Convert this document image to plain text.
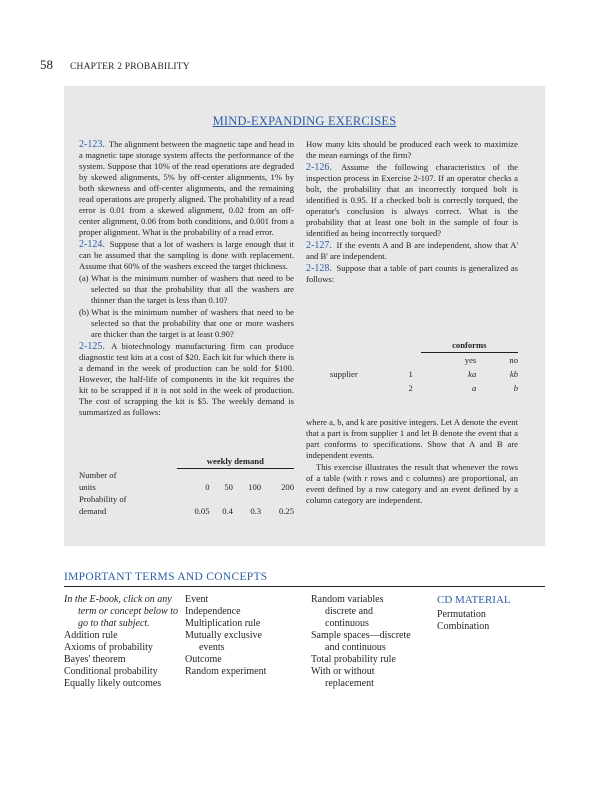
58 CHAPTER 2 PROBABILITY
MIND-EXPANDING EXERCISES

2-123. The alignment between the magnetic tape and head in a magnetic tape storage system affects the performance of the system. Suppose that 10% of the read operations are degraded by skewed alignments, 5% by off-center alignments, 1% by both skewness and off-center alignments, and the remaining read operations are properly aligned. The probability of a read error is 0.01 from a skewed alignment, 0.02 from an off-center alignment, 0.06 from both conditions, and 0.001 from a proper alignment. What is the probability of a read error.

2-124. Suppose that a lot of washers is large enough that it can be assumed that the sampling is done with replacement. Assume that 60% of the washers exceed the target thickness.

(a) What is the minimum number of washers that need to be selected so that the probability that all the washers are thinner than the target is less than 0.10?
(b) What is the minimum number of washers that need to be selected so that the probability that one or more washers are thicker than the target is at least 0.90?

2-125. A biotechnology manufacturing firm can produce diagnostic test kits at a cost of $20. Each kit for which there is a demand in the week of production can be sold for $100. However, the half-life of components in the kit requires the kit to be scrapped if it is not sold in the week of production. The cost of scrapping the kit is $5. The weekly demand is summarized as follows:

	weekly demand			
Number of				
units	0	50	100	200
Probability of				
demand	0.05	0.4	0.3	0.25

How many kits should be produced each week to maximize the mean earnings of the firm?

2-126. Assume the following characteristics of the inspection process in Exercise 2-107. If an operator checks a bolt, the probability that an incorrectly torqued bolt is identified is 0.95. If a checked bolt is correctly torqued, the operator's conclusion is always correct. What is the probability that at least one bolt in the sample of four is identified as being incorrectly torqued?

2-127. If the events A and B are independent, show that A' and B' are independent.

2-128. Suppose that a table of part counts is generalized as follows:

		conforms	
		yes	no
supplier	1	ka	kb
	2	a	b

where a, b, and k are positive integers. Let A denote the event that a part is from supplier 1 and let B denote the event that a part conforms to specifications. Show that A and B are independent events.

This exercise illustrates the result that whenever the rows of a table (with r rows and c columns) are proportional, an event defined by a row category and an event defined by a column category are independent.

IMPORTANT TERMS AND CONCEPTS
In the E-book, click on any
term or concept below to
go to that subject.
Addition rule
Axioms of probability
Bayes' theorem
Conditional probability
Equally likely outcomes
Event
Independence
Multiplication rule
Mutually exclusive
events
Outcome
Random experiment
Random variables
discrete and
continuous
Sample spaces—discrete
and continuous
Total probability rule
With or without
replacement
CD MATERIAL
Permutation
Combination
